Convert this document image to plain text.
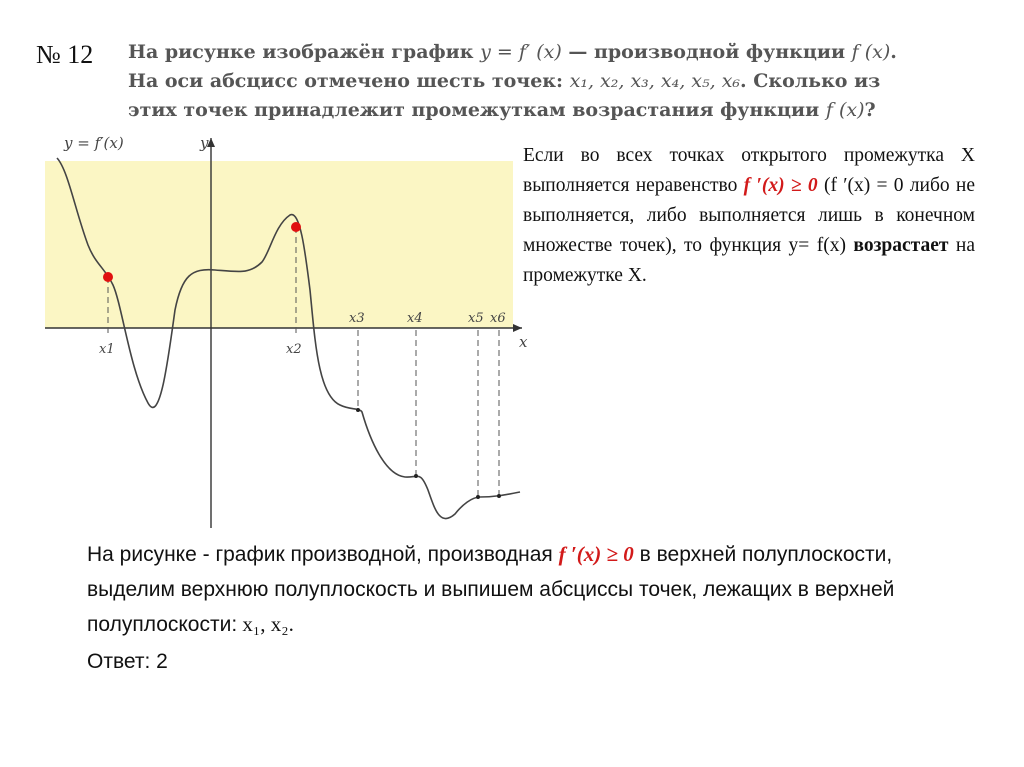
№ 12 На рисунке изображён график y = f′ (x) — производной функции f (x). На оси абсцисс отмечено шесть точек: x₁, x₂, x₃, x₄, x₅, x₆. Сколько из этих точек принадлежит промежуткам возрастания функции f (x)?
y
x
y = f′(x)
x1	x2
x3	x4	x5 x6
Если во всех точках открытого промежутка Х выполняется неравенство f ′(x) ≥ 0 (f ′(x) = 0 либо не выполняется, либо выполняется лишь в конечном множестве точек), то функция у= f(x) возрастает на промежутке Х.
На рисунке - график производной, производная f ′(x) ≥ 0 в верхней полуплоскости, выделим верхнюю полуплоскость и выпишем абсциссы точек, лежащих в верхней полуплоскости: x₁, x₂.
Ответ: 2
